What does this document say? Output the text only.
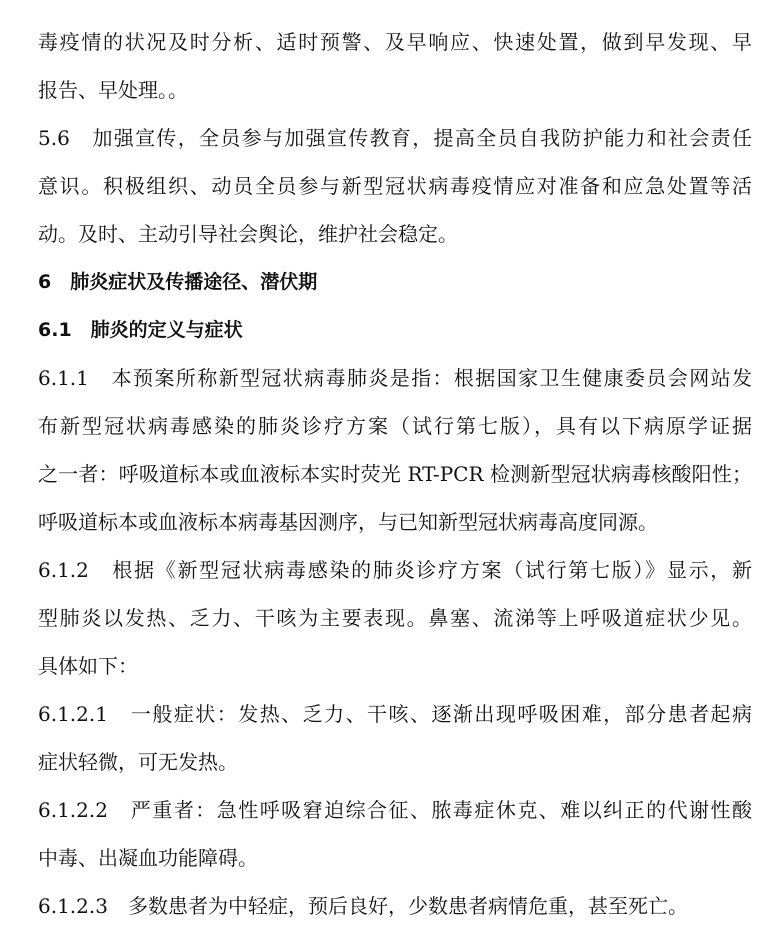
毒疫情的状况及时分析、适时预警、及早响应、快速处置，做到早发现、早
报告、早处理。。
5.6　加强宣传，全员参与加强宣传教育，提高全员自我防护能力和社会责任
意识。积极组织、动员全员参与新型冠状病毒疫情应对准备和应急处置等活
动。及时、主动引导社会舆论，维护社会稳定。
6　肺炎症状及传播途径、潜伏期
6.1　肺炎的定义与症状
6.1.1　本预案所称新型冠状病毒肺炎是指：根据国家卫生健康委员会网站发
布新型冠状病毒感染的肺炎诊疗方案（试行第七版），具有以下病原学证据
之一者：呼吸道标本或血液标本实时荧光 RT-PCR 检测新型冠状病毒核酸阳性；
呼吸道标本或血液标本病毒基因测序，与已知新型冠状病毒高度同源。
6.1.2　根据《新型冠状病毒感染的肺炎诊疗方案（试行第七版）》显示，新
型肺炎以发热、乏力、干咳为主要表现。鼻塞、流涕等上呼吸道症状少见。
具体如下：
6.1.2.1　一般症状：发热、乏力、干咳、逐渐出现呼吸困难，部分患者起病
症状轻微，可无发热。
6.1.2.2　严重者：急性呼吸窘迫综合征、脓毒症休克、难以纠正的代谢性酸
中毒、出凝血功能障碍。
6.1.2.3　多数患者为中轻症，预后良好，少数患者病情危重，甚至死亡。
